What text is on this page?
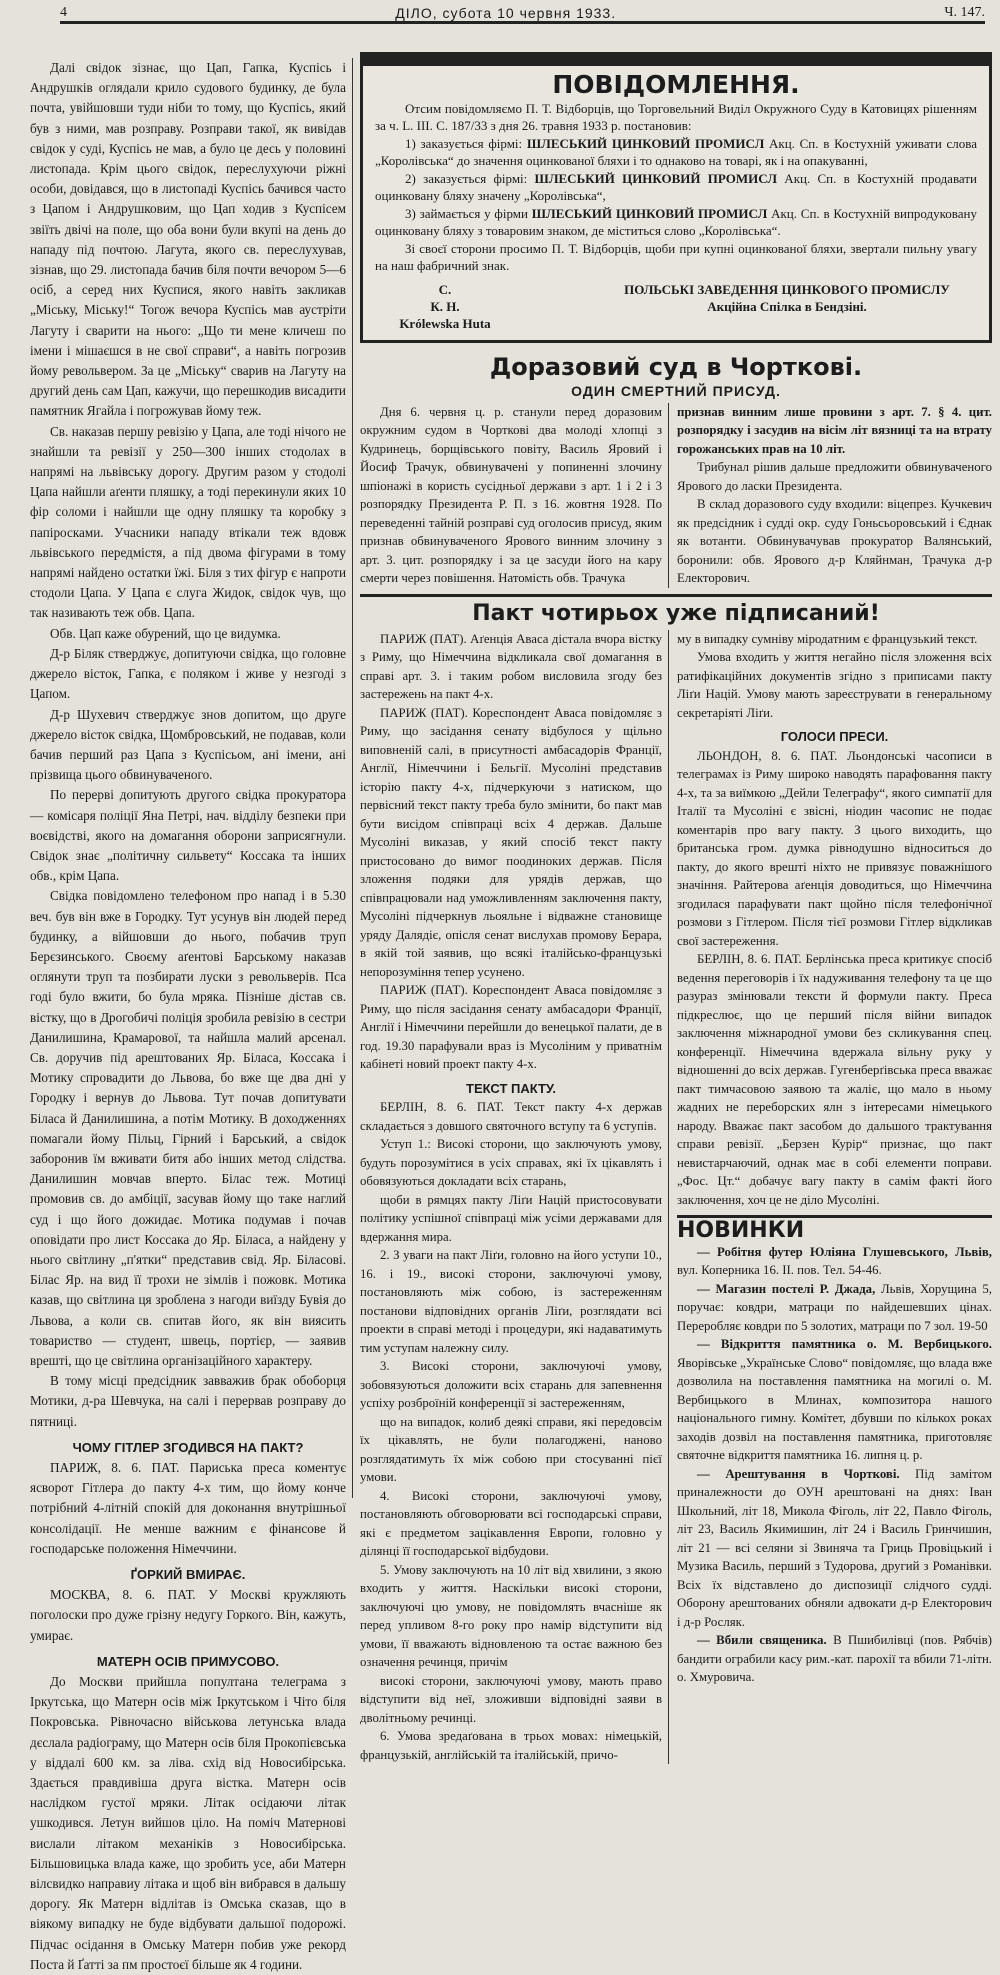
4	ДІЛО, субота 10 червня 1933.	Ч. 147.

Далі свідок зізнає, що Цап, Гапка, Куспісь і Андрушків оглядали крило судового будинку, де була почта, увійшовши туди ніби то тому, що Куспісь, який був з ними, мав розправу. Розправи такої, як вивідав свідок у суді, Куспісь не мав, а було це десь у половині листопада. Крім цього свідок, переслухуючи ріжні особи, довідався, що в листопаді Куспісь бачився часто з Цапом і Андрушковим, що Цап ходив з Куспісем звіїть двічі на поле, що оба вони були вкупі на день до нападу під почтою. Лагута, якого св. переслухував, зізнав, що 29. листопада бачив біля почти вечором 5—6 осіб, а серед них Куспися, якого навіть закликав „Міську, Міську!“ Тогож вечора Куспісь мав аустріти Лагуту і сварити на нього: „Що ти мене кличеш по імени і мішаєшся в не свої справи“, а навіть погрозив йому револьвером. За це „Міську“ сварив на Лагуту на другий день сам Цап, кажучи, що перешкодив висадити памятник Ягайла і погрожував йому теж.

Св. наказав першу ревізію у Цапа, але тоді нічого не знайшли та ревізії у 250—300 інших стодолах в напрямі на львівську дорогу. Другим разом у стодолі Цапа найшли аґенти пляшку, а тоді перекинули яких 10 фір соломи і найшли ще одну пляшку та коробку з папіросками. Учасники нападу втікали теж вдовж львівського передмістя, а під двома фігурами в тому напрямі найдено остатки їжі. Біля з тих фігур є напроти стодоли Цапа. У Цапа є слуга Жидок, свідок чув, що так називають теж обв. Цапа.

Обв. Цап каже обурений, що це видумка.

Д-р Біляк стверджує, допитуючи свідка, що головне джерело вісток, Гапка, є поляком і живе у незгоді з Цапом.

Д-р Шухевич стверджує знов допитом, що друге джерело вісток свідка, Щомбровський, не подавав, коли бачив перший раз Цапа з Куспісьом, ані імени, ані прізвища цього обвинуваченого.

По перерві допитують другого свідка прокуратора — комісаря поліції Яна Петрі, нач. відділу безпеки при воєвідстві, якого на домагання оборони заприсягнули. Свідок знає „політичну сильвету“ Коссака та інших обв., крім Цапа.

Свідка повідомлено телефоном про напад і в 5.30 веч. був він вже в Городку. Тут усунув він людей перед будинку, а війшовши до нього, побачив труп Берєзинського. Своєму аґентові Барському наказав оглянути труп та позбирати луски з револьверів. Пса годі було вжити, бо була мряка. Пізніше дістав св. вістку, що в Дрогобичі поліція зробила ревізію в сестри Данилишина, Крамарової, та найшла малий арсенал. Св. доручив під арештованих Яр. Біласа, Коссака і Мотику спровадити до Львова, бо вже ще два дні у Городку і вернув до Львова. Тут почав допитувати Біласа й Данилишина, а потім Мотику. В доходженнях помагали йому Пільц, Гірний і Барський, а свідок заборонив їм вживати битя або інших метод слідства. Данилишин мовчав вперто. Білас теж. Мотиці промовив св. до амбіції, засував йому що таке наглий суд і що його дожидає. Мотика подумав і почав оповідати про лист Коссака до Яр. Біласа, а найдену у нього світлину „п'ятки“ представив свід. Яр. Біласові. Білас Яр. на вид її трохи не зімлів і пожовк. Мотика казав, що світлина ця зроблена з нагоди виїзду Бувія до Львова, а коли св. спитав його, як він виясить товариство — студент, швець, портієр, — заявив врешті, що це світлина організаційного характеру.

В тому місці предсідник завважив брак обоборця Мотики, д-ра Шевчука, на салі і перервав розправу до пятниці.

ЧОМУ ГІТЛЕР ЗГОДИВСЯ НА ПАКТ?

ПАРИЖ, 8. 6. ПАТ. Париська преса коментує ясворот Гітлера до пакту 4-х тим, що йому конче потрібний 4-літній спокій для доконання внутрішньої консолідації. Не менше важним є фінансове й господарське положення Німеччини.

ҐОРКИЙ ВМИРАЄ.

МОСКВА, 8. 6. ПАТ. У Москві кружляють поголоски про дуже грізну недугу Горкого. Він, кажуть, умирає.

МАТЕРН ОСІВ ПРИМУСОВО.

До Москви прийшла попултана телеграма з Іркутська, що Матерн осів між Іркутськом і Чіто біля Покровська. Рівночасно військова летунська влада дєслала радіограму, що Матерн осів біля Прокопієвська у віддалі 600 км. за ліва. схід від Новосибірська. Здається правдивіша друга вістка. Матерн осів наслідком густої мряки. Літак осідаючи літак ушкодився. Летун вийшов ціло. На поміч Матернові вислали літаком механіків з Новосибірська. Більшовицька влада каже, що зробить усе, аби Матерн вілсвидко направиу літака и щоб він вибрався в дальшу дорогу. Як Матерн відлітав із Омська сказав, що в віякому випадку не буде відбувати дальшої подорожі. Підчас осідання в Омську Матерн побив уже рекорд Поста й Ґатті за пм простоєї більше як 4 години.

ПОВІДОМЛЕННЯ.

Отсим повідомляємо П. Т. Відборців, що Торговельний Виділ Окружного Суду в Катовицях рішенням за ч. L. III. C. 187/33 з дня 26. травня 1933 р. постановив:

1) заказується фірмі: ШЛЕСЬКИЙ ЦИНКОВИЙ ПРОМИСЛ Акц. Сп. в Костухній уживати слова „Королівська“ до значення оцинкованої бляхи і то однаково на товарі, як і на опакуванні,

2) заказується фірмі: ШЛЕСЬКИЙ ЦИНКОВИЙ ПРОМИСЛ Акц. Сп. в Костухній продавати оцинковану бляху значену „Королівська“,

3) займається у фірми ШЛЕСЬКИЙ ЦИНКОВИЙ ПРОМИСЛ Акц. Сп. в Костухній випродуковану оцинковану бляху з товаровим знаком, де міститься слово „Королівська“.

Зі своєї сторони просимо П. Т. Відборців, щоби при купні оцинкованої бляхи, звертали пильну увагу на наш фабричний знак.

С.
К. Н.
Królewska Huta
ПОЛЬСЬКІ ЗАВЕДЕННЯ ЦИНКОВОГО ПРОМИСЛУ
Акційна Спілка в Бендзіні.
Доразовий суд в Чорткові.
ОДИН СМЕРТНИЙ ПРИСУД.

Дня 6. червня ц. р. станули перед доразовим окружним судом в Чорткові два молоді хлопці з Кудринець, борщівського повіту, Василь Яровий і Йосиф Трачук, обвинувачені у попиненні злочину шпіонажі в користь сусідньої держави з арт. 1 і 2 і 3 розпорядку Президента Р. П. з 16. жовтня 1928. По переведенні тайній розправі суд оголосив присуд, яким признав обвинуваченого Ярового винним злочину з арт. 3. цит. розпорядку і за це засуди його на кару смерти через повішення. Натомість обв. Трачука

признав винним лише провини з арт. 7. § 4. цит. розпорядку і засудив на вісім літ вязниці та на втрату горожанських прав на 10 літ.

Трибунал рішив дальше предложити обвинуваченого Ярового до ласки Президента.

В склад доразового суду входили: віцепрез. Кучкевич як предсідник і судді окр. суду Гоньсьоровський і Єднак як вотанти. Обвинувачував прокуратор Валянський, боронили: обв. Ярового д-р Кляйнман, Трачука д-р Електорович.

Пакт чотирьох уже підписаний!

ПАРИЖ (ПАТ). Аґенція Аваса дістала вчора вістку з Риму, що Німеччина відкликала свої домагання в справі арт. 3. і таким робом висловила згоду без застережень на пакт 4-х.

ПАРИЖ (ПАТ). Кореспондент Аваса повідомляє з Риму, що засідання сенату відбулося у щільно виповненій салі, в присутності амбасадорів Франції, Англії, Німеччини і Бельгії. Мусоліні представив історію пакту 4-х, підчеркуючи з натиском, що первісний текст пакту треба було змінити, бо пакт мав бути висідом співпраці всіх 4 держав. Дальше Мусоліні виказав, у який спосіб текст пакту пристосовано до вимог поодиноких держав. Після зложення подяки для урядів держав, що співпрацювали над уможливленням заключення пакту, Мусоліні підчеркнув льояльне і відважне становище уряду Далядіє, опісля сенат вислухав промову Берара, в якій той заявив, що всякі італійсько-французькі непорозуміння тепер усунено.

ПАРИЖ (ПАТ). Кореспондент Аваса повідомляє з Риму, що після засідання сенату амбасадори Франції, Англії і Німеччини перейшли до венецької палати, де в год. 19.30 парафували враз із Мусоліним у приватнім кабінеті новий проект пакту 4-х.

ТЕКСТ ПАКТУ.

БЕРЛІН, 8. 6. ПАТ. Текст пакту 4-х держав складається з довшого святочного вступу та 6 уступів.

Уступ 1.: Високі сторони, що заключують умову, будуть порозумітися в усіх справах, які їх цікавлять і обовязуються докладати всіх старань,

щоби в рямцях пакту Ліґи Націй пристосовувати політику успішної співпраці між усіми державами для вдержання мира.

2. З уваги на пакт Ліґи, головно на його уступи 10., 16. і 19., високі сторони, заключуючі умову, постановляють між собою, із застереженням постанови відповідних органів Ліґи, розглядати всі проекти в справі методі і процедури, які надаватимуть тим уступам належну силу.

3. Високі сторони, заключуючі умову, зобовязуються доложити всіх старань для запевнення успіху розброїній конференції зі застереженням,

що на випадок, колиб деякі справи, які передовсім їх цікавлять, не були полагоджені, наново розглядатимуть їх між собою при стосуванні пієї умови.

4. Високі сторони, заключуючі умову, постановляють обговорювати всі господарські справи, які є предметом зацікавлення Европи, головно у ділянці її господарської відбудови.

5. Умову заключують на 10 літ від хвилини, з якою входить у життя. Наскільки високі сторони, заключуючі цю умову, не повідомлять вчасніше як перед упливом 8-го року про намір відступити від умови, її вважають відновленою та остає важною без означення речинця, причім

високі сторони, заключуючі умову, мають право відступити від неї, зложивши відповідні заяви в дволітньому речинці.

6. Умова зредаґована в трьох мовах: німецькій, французькій, англійській та італійській, причо-

му в випадку сумніву міродатним є французький текст.

Умова входить у життя негайно після зложення всіх ратифікаційних документів згідно з приписами пакту Ліґи Націй. Умову мають зареєструвати в генеральному секретаріяті Ліґи.

ГОЛОСИ ПРЕСИ.

ЛЬОНДОН, 8. 6. ПАТ. Льондонські часописи в телеграмах із Риму широко наводять парафовання пакту 4-х, та за виїмкою „Дейли Телеграфу“, якого симпатії для Італії та Мусоліні є звісні, ніодин часопис не подає коментарів про вагу пакту. З цього виходить, що британська гром. думка рівнодушно відноситься до пакту, до якого врешті ніхто не привязує поважнішого значіння. Райтерова аґенція доводиться, що Німеччина згодилася парафувати пакт щойно після телефонічної розмови з Гітлером. Після тієї розмови Гітлер відкликав свої застереження.

БЕРЛІН, 8. 6. ПАТ. Берлінська преса критикує спосіб ведення переговорів і їх надуживання телефону та це що разураз змінювали тексти й формули пакту. Преса підкреслює, що це перший після війни випадок заключення міжнародної умови без скликування спец. конференції. Німеччина вдержала вільну руку у відношенні до всіх держав. Гугенберґівська преса вважає пакт тимчасовою заявою та жаліє, що мало в ньому жадних не переборских ялн з інтересами німецького народу. Вважає пакт засобом до дальшого трактування справи ревізії. „Берзен Курір“ признає, що пакт невистарчаючий, однак має в собі елементи поправи. „Фос. Цт.“ добачує вагу пакту в самім факті його заключення, хоч це не діло Мусоліні.

НОВИНКИ

— Робітня футер Юліяна Глушевського, Львів, вул. Коперника 16. II. пов. Тел. 54-46.

— Магазин постелі Р. Джада, Львів, Хорущина 5, поручає: ковдри, матраци по найдешевших цінах. Переробляє ковдри по 5 золотих, матраци по 7 зол. 19-50

— Відкриття памятника о. М. Вербицького. Яворівське „Українське Слово“ повідомляє, що влада вже дозволила на поставлення памятника на могилі о. М. Вербицького в Млинах, композитора нашого національного гимну. Комітет, дбувши по кількох роках заходів дозвіл на поставлення памятника, приготовляє святочне відкриття памятника 16. липня ц. р.

— Арештування в Чорткові. Під замітом приналежности до ОУН арештовані на днях: Іван Школьний, літ 18, Микола Фіголь, літ 22, Павло Фіголь, літ 23, Василь Якимишин, літ 24 і Василь Гринчишин, літ 21 — всі селяни зі Звиняча та Гриць Провіцький і Музика Василь, перший з Тудорова, другий з Романівки. Всіх їх відставлено до диспозиції слідчого судді. Оборону арештованих обняли адвокати д-р Електорович і д-р Росляк.

— Вбили священика. В Пшибилівці (пов. Рябчів) бандити ограбили касу рим.-кат. парохії та вбили 71-літн. о. Хмуровича.
